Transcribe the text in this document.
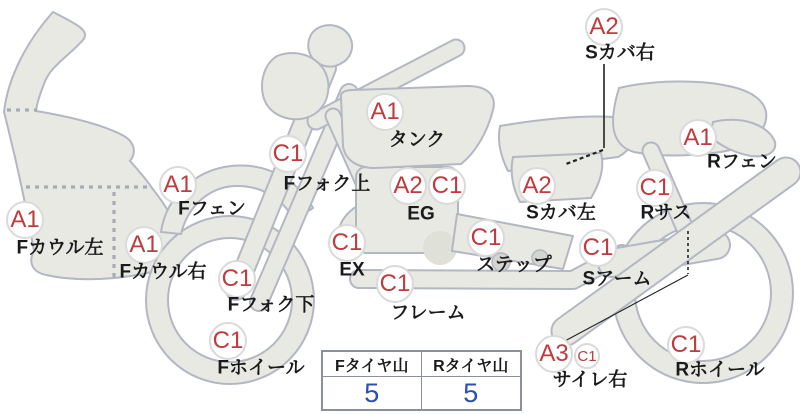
Fタイヤ山	Rタイヤ山
5	5
A1
Fカウル左 A1
Fカウル右
A1
Fフェン
C1
Fフォク上
C1
Fフォク下
C1
Fホイール
C1
EX C1
フレーム
A1
タンク
A2 C1
EG
C1
ステップ
A2
Sカバ左
A2
Sカバ右
C1
Sアーム
C1
Rサス
A1
Rフェン
C1
Rホイール
A3 C1
サイレ右
